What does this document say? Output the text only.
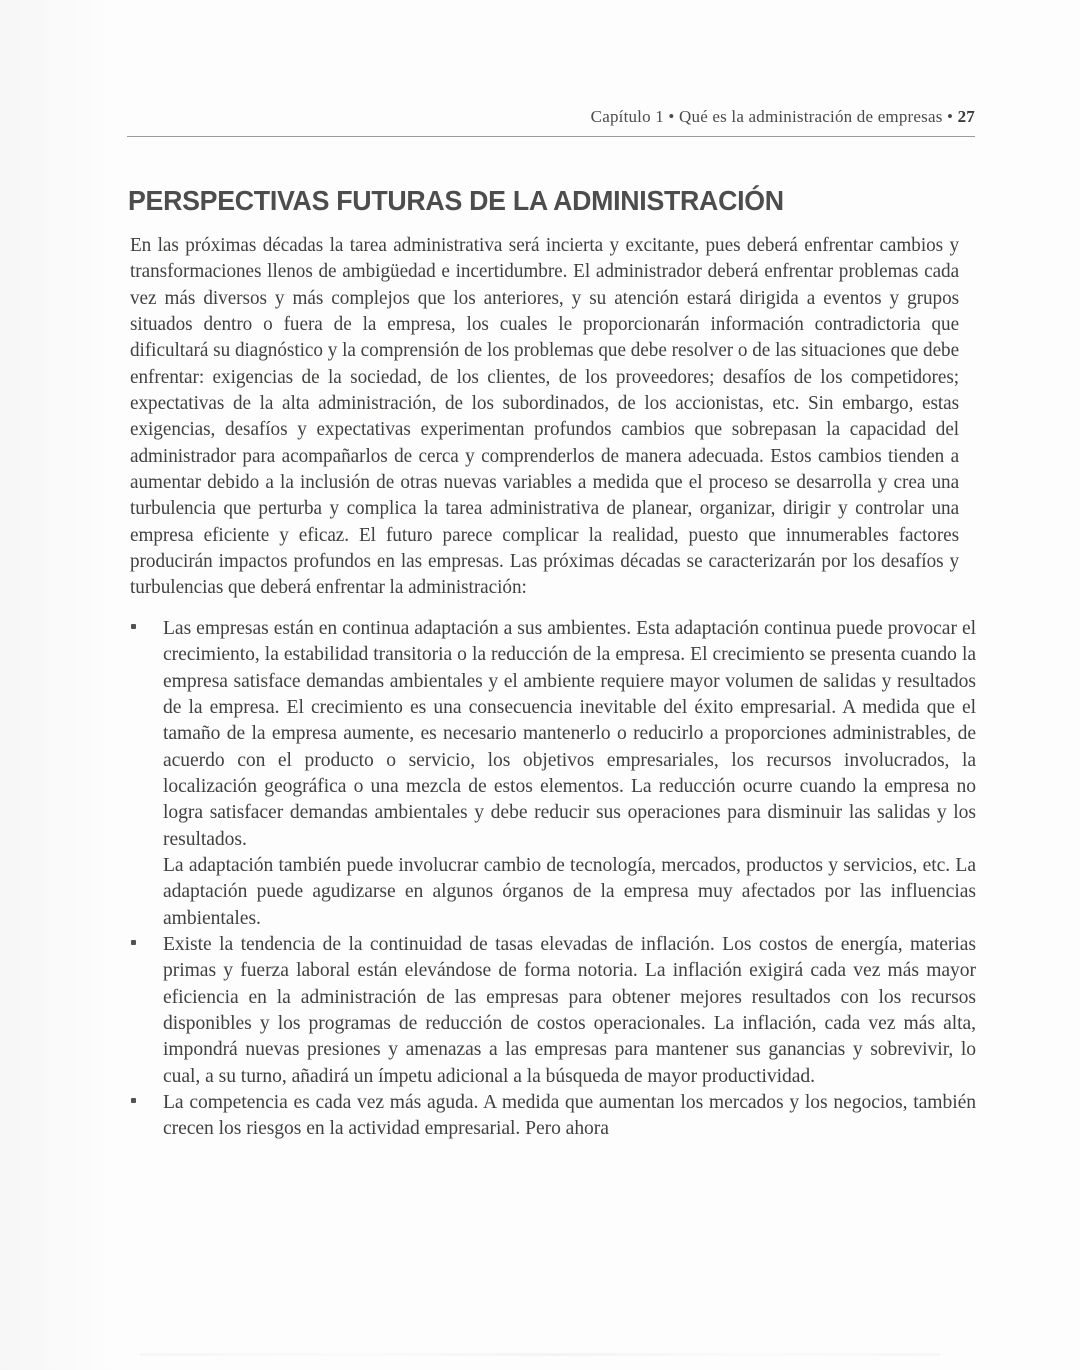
Capítulo 1 • Qué es la administración de empresas • 27
PERSPECTIVAS FUTURAS DE LA ADMINISTRACIÓN

En las próximas décadas la tarea administrativa será incierta y excitante, pues deberá enfrentar cambios y transformaciones llenos de ambigüedad e incertidumbre. El administrador deberá enfrentar problemas cada vez más diversos y más complejos que los anteriores, y su atención estará dirigida a eventos y grupos situados dentro o fuera de la empresa, los cuales le proporcionarán información contradictoria que dificultará su diagnóstico y la comprensión de los problemas que debe resolver o de las situaciones que debe enfrentar: exigencias de la sociedad, de los clientes, de los proveedores; desafíos de los competidores; expectativas de la alta administración, de los subordinados, de los accionistas, etc. Sin embargo, estas exigencias, desafíos y expectativas experimentan profundos cambios que sobrepasan la capacidad del administrador para acompañarlos de cerca y comprenderlos de manera adecuada. Estos cambios tienden a aumentar debido a la inclusión de otras nuevas variables a medida que el proceso se desarrolla y crea una turbulencia que perturba y complica la tarea administrativa de planear, organizar, dirigir y controlar una empresa eficiente y eficaz. El futuro parece complicar la realidad, puesto que innumerables factores producirán impactos profundos en las empresas. Las próximas décadas se caracterizarán por los desafíos y turbulencias que deberá enfrentar la administración:

Las empresas están en continua adaptación a sus ambientes. Esta adaptación continua puede provocar el crecimiento, la estabilidad transitoria o la reducción de la empresa. El crecimiento se presenta cuando la empresa satisface demandas ambientales y el ambiente requiere mayor volumen de salidas y resultados de la empresa. El crecimiento es una consecuencia inevitable del éxito empresarial. A medida que el tamaño de la empresa aumente, es necesario mantenerlo o reducirlo a proporciones administrables, de acuerdo con el producto o servicio, los objetivos empresariales, los recursos involucrados, la localización geográfica o una mezcla de estos elementos. La reducción ocurre cuando la empresa no logra satisfacer demandas ambientales y debe reducir sus operaciones para disminuir las salidas y los resultados.
La adaptación también puede involucrar cambio de tecnología, mercados, productos y servicios, etc. La adaptación puede agudizarse en algunos órganos de la empresa muy afectados por las influencias ambientales.
Existe la tendencia de la continuidad de tasas elevadas de inflación. Los costos de energía, materias primas y fuerza laboral están elevándose de forma notoria. La inflación exigirá cada vez más mayor eficiencia en la administración de las empresas para obtener mejores resultados con los recursos disponibles y los programas de reducción de costos operacionales. La inflación, cada vez más alta, impondrá nuevas presiones y amenazas a las empresas para mantener sus ganancias y sobrevivir, lo cual, a su turno, añadirá un ímpetu adicional a la búsqueda de mayor productividad.
La competencia es cada vez más aguda. A medida que aumentan los mercados y los negocios, también crecen los riesgos en la actividad empresarial. Pero ahora
